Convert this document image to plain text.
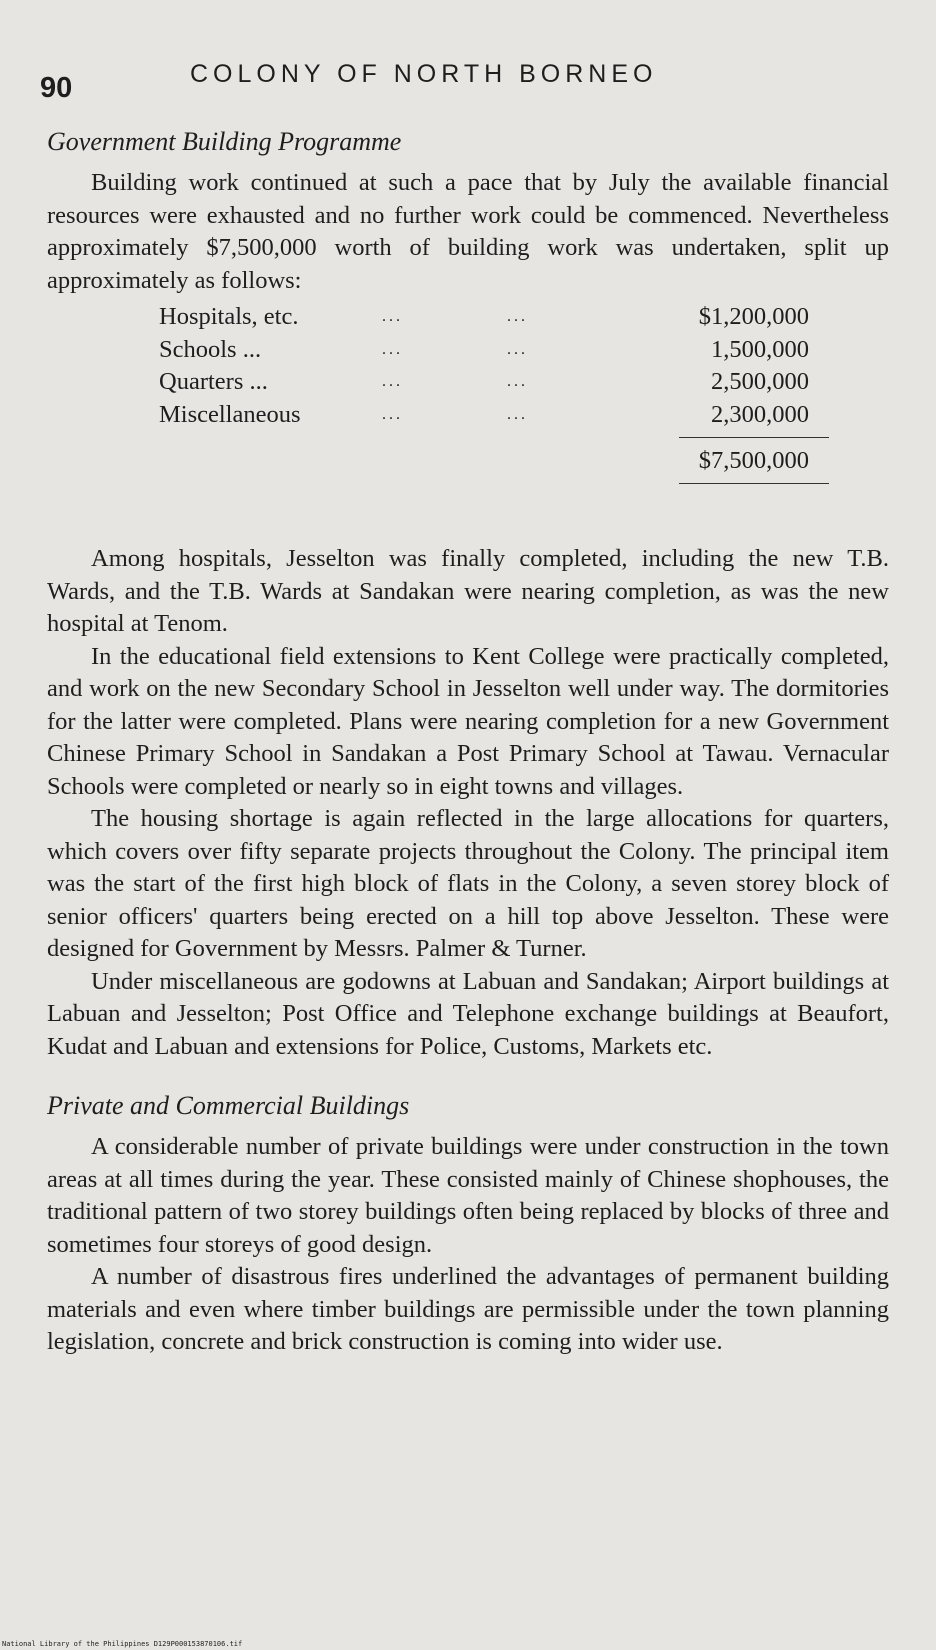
90	COLONY OF NORTH BORNEO
Government Building Programme

Building work continued at such a pace that by July the available financial resources were exhausted and no further work could be commenced. Nevertheless approximately $7,500,000 worth of building work was undertaken, split up approximately as follows:

Hospitals, etc.	...	...	$1,200,000
Schools ...	...	...	1,500,000
Quarters ...	...	...	2,500,000
Miscellaneous	...	...	2,300,000
$7,500,000

Among hospitals, Jesselton was finally completed, including the new T.B. Wards, and the T.B. Wards at Sandakan were nearing completion, as was the new hospital at Tenom.

In the educational field extensions to Kent College were practically completed, and work on the new Secondary School in Jesselton well under way. The dormitories for the latter were completed. Plans were nearing completion for a new Government Chinese Primary School in Sandakan a Post Primary School at Tawau. Vernacular Schools were completed or nearly so in eight towns and villages.

The housing shortage is again reflected in the large allocations for quarters, which covers over fifty separate projects throughout the Colony. The principal item was the start of the first high block of flats in the Colony, a seven storey block of senior officers' quarters being erected on a hill top above Jesselton. These were designed for Government by Messrs. Palmer & Turner.

Under miscellaneous are godowns at Labuan and Sandakan; Airport buildings at Labuan and Jesselton; Post Office and Telephone exchange buildings at Beaufort, Kudat and Labuan and extensions for Police, Customs, Markets etc.

Private and Commercial Buildings

A considerable number of private buildings were under construction in the town areas at all times during the year. These consisted mainly of Chinese shophouses, the traditional pattern of two storey buildings often being replaced by blocks of three and sometimes four storeys of good design.

A number of disastrous fires underlined the advantages of permanent building materials and even where timber buildings are permissible under the town planning legislation, concrete and brick construction is coming into wider use.

National Library of the Philippines D129P000153870106.tif
